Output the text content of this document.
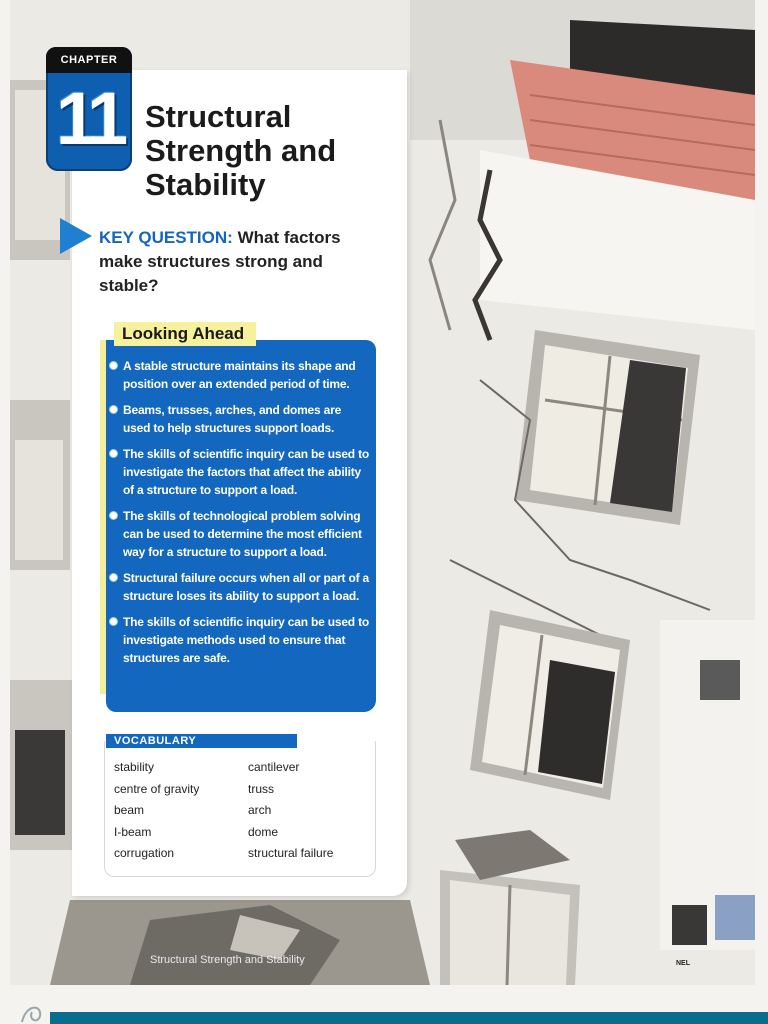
CHAPTER
11 Structural Strength and Stability
KEY QUESTION: What factors make structures strong and stable?
Looking Ahead
A stable structure maintains its shape and position over an extended period of time.
Beams, trusses, arches, and domes are used to help structures support loads.
The skills of scientific inquiry can be used to investigate the factors that affect the ability of a structure to support a load.
The skills of technological problem solving can be used to determine the most efficient way for a structure to support a load.
Structural failure occurs when all or part of a structure loses its ability to support a load.
The skills of scientific inquiry can be used to investigate methods used to ensure that structures are safe.
VOCABULARY
stability
centre of gravity
beam
I-beam
corrugation
cantilever
truss
arch
dome
structural failure
Structural Strength and Stability	NEL
